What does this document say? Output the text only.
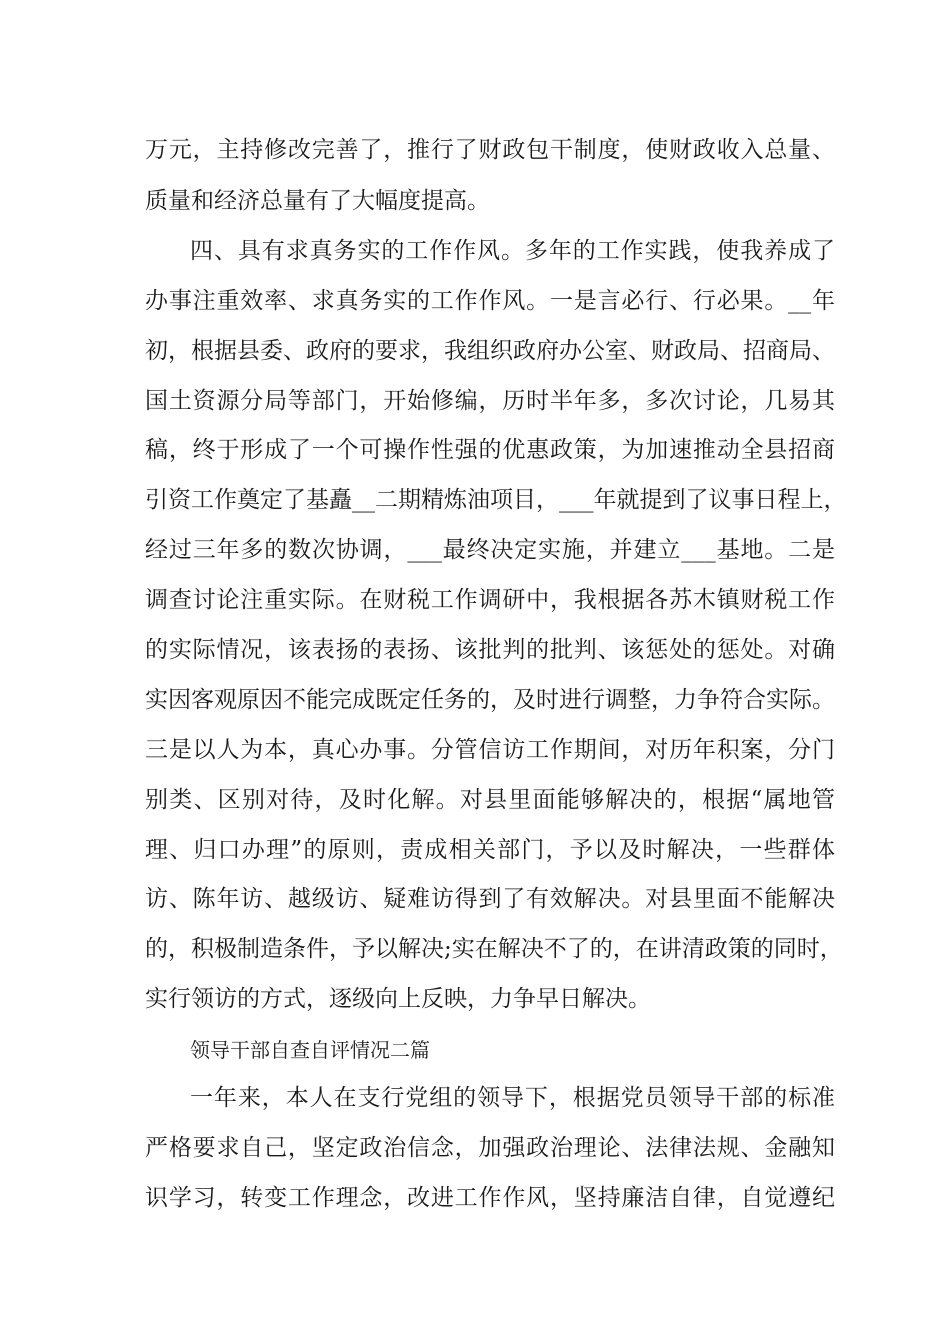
万元，主持修改完善了，推行了财政包干制度，使财政收入总量、
质量和经济总量有了大幅度提高。
四、具有求真务实的工作作风。多年的工作实践，使我养成了
办事注重效率、求真务实的工作作风。一是言必行、行必果。__年
初，根据县委、政府的要求，我组织政府办公室、财政局、招商局、
国土资源分局等部门，开始修编，历时半年多，多次讨论，几易其
稿，终于形成了一个可操作性强的优惠政策，为加速推动全县招商
引资工作奠定了基矗__二期精炼油项目，___年就提到了议事日程上，
经过三年多的数次协调，___最终决定实施，并建立___基地。二是
调查讨论注重实际。在财税工作调研中，我根据各苏木镇财税工作
的实际情况，该表扬的表扬、该批判的批判、该惩处的惩处。对确
实因客观原因不能完成既定任务的，及时进行调整，力争符合实际。
三是以人为本，真心办事。分管信访工作期间，对历年积案，分门
别类、区别对待，及时化解。对县里面能够解决的，根据“属地管
理、归口办理”的原则，责成相关部门，予以及时解决，一些群体
访、陈年访、越级访、疑难访得到了有效解决。对县里面不能解决
的，积极制造条件，予以解决;实在解决不了的，在讲清政策的同时，
实行领访的方式，逐级向上反映，力争早日解决。
领导干部自查自评情况二篇
一年来，本人在支行党组的领导下，根据党员领导干部的标准
严格要求自己，坚定政治信念，加强政治理论、法律法规、金融知
识学习，转变工作理念，改进工作作风，坚持廉洁自律，自觉遵纪
